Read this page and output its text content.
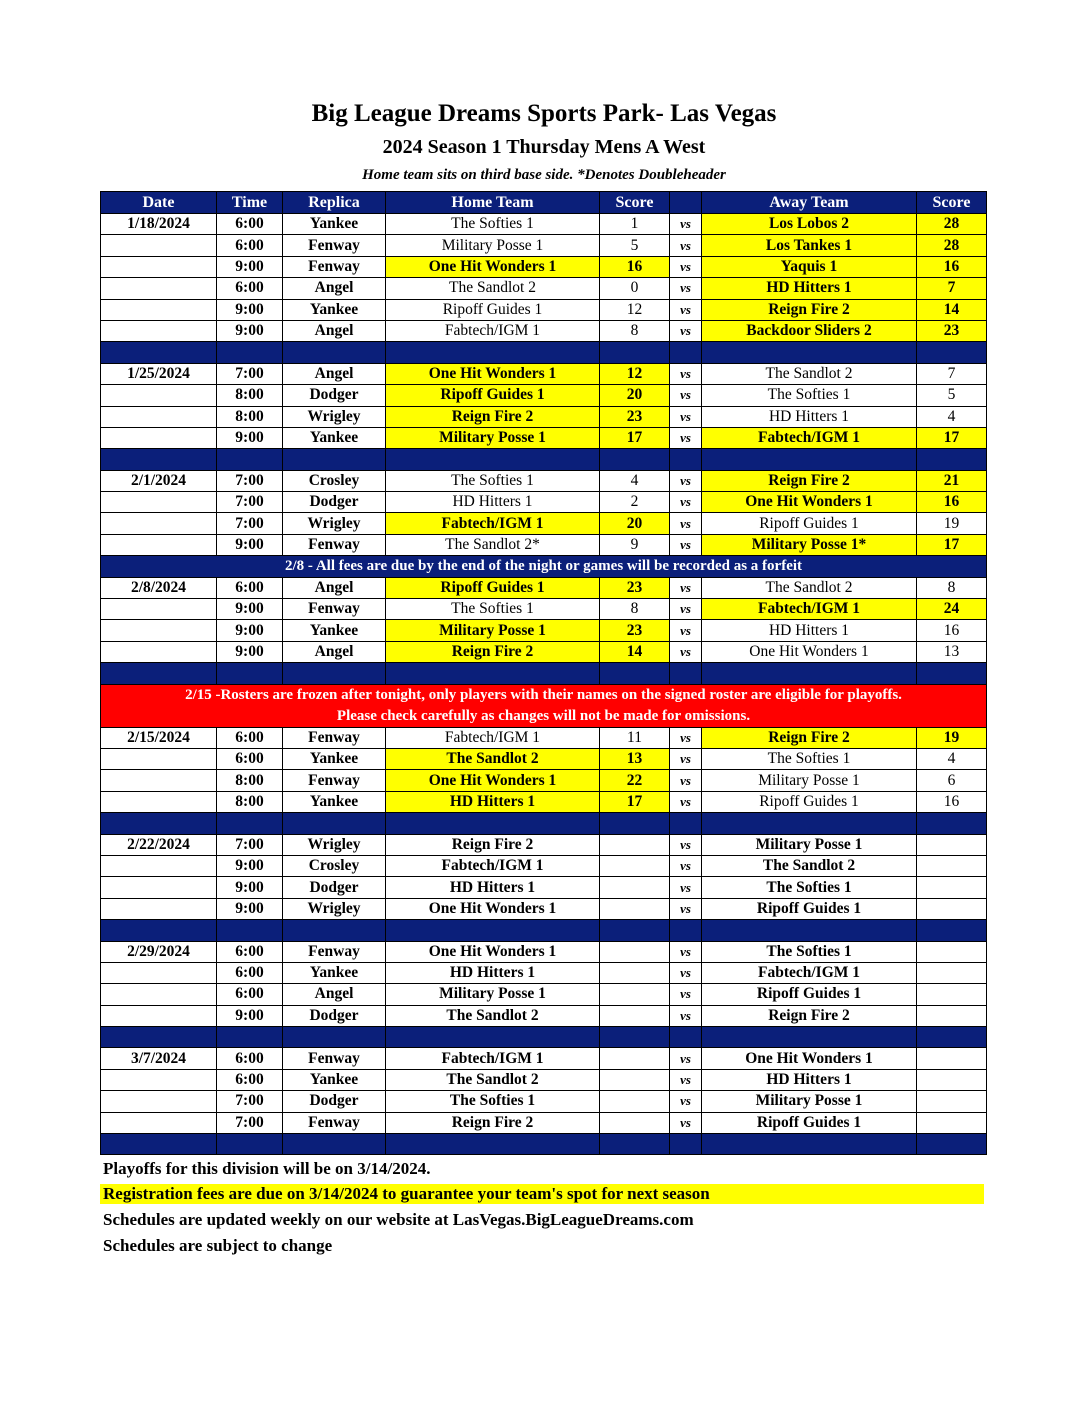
Big League Dreams Sports Park- Las Vegas
2024 Season 1 Thursday Mens A West
Home team sits on third base side. *Denotes Doubleheader
Date	Time	Replica	Home Team	Score		Away Team	Score
1/18/2024	6:00	Yankee	The Softies 1	1	vs	Los Lobos 2	28
	6:00	Fenway	Military Posse 1	5	vs	Los Tankes 1	28
	9:00	Fenway	One Hit Wonders 1	16	vs	Yaquis 1	16
	6:00	Angel	The Sandlot 2	0	vs	HD Hitters 1	7
	9:00	Yankee	Ripoff Guides 1	12	vs	Reign Fire 2	14
	9:00	Angel	Fabtech/IGM 1	8	vs	Backdoor Sliders 2	23

1/25/2024	7:00	Angel	One Hit Wonders 1	12	vs	The Sandlot 2	7
	8:00	Dodger	Ripoff Guides 1	20	vs	The Softies 1	5
	8:00	Wrigley	Reign Fire 2	23	vs	HD Hitters 1	4
	9:00	Yankee	Military Posse 1	17	vs	Fabtech/IGM 1	17

2/1/2024	7:00	Crosley	The Softies 1	4	vs	Reign Fire 2	21
	7:00	Dodger	HD Hitters 1	2	vs	One Hit Wonders 1	16
	7:00	Wrigley	Fabtech/IGM 1	20	vs	Ripoff Guides 1	19
	9:00	Fenway	The Sandlot 2*	9	vs	Military Posse 1*	17
2/8 - All fees are due by the end of the night or games will be recorded as a forfeit							
2/8/2024	6:00	Angel	Ripoff Guides 1	23	vs	The Sandlot 2	8
	9:00	Fenway	The Softies 1	8	vs	Fabtech/IGM 1	24
	9:00	Yankee	Military Posse 1	23	vs	HD Hitters 1	16
	9:00	Angel	Reign Fire 2	14	vs	One Hit Wonders 1	13

2/15 -Rosters are frozen after tonight, only players with their names on the signed roster are eligible for playoffs.
Please check carefully as changes will not be made for omissions.							

2/15/2024	6:00	Fenway	Fabtech/IGM 1	11	vs	Reign Fire 2	19
	6:00	Yankee	The Sandlot 2	13	vs	The Softies 1	4
	8:00	Fenway	One Hit Wonders 1	22	vs	Military Posse 1	6
	8:00	Yankee	HD Hitters 1	17	vs	Ripoff Guides 1	16

2/22/2024	7:00	Wrigley	Reign Fire 2		vs	Military Posse 1	
	9:00	Crosley	Fabtech/IGM 1		vs	The Sandlot 2	
	9:00	Dodger	HD Hitters 1		vs	The Softies 1	
	9:00	Wrigley	One Hit Wonders 1		vs	Ripoff Guides 1	

2/29/2024	6:00	Fenway	One Hit Wonders 1		vs	The Softies 1	
	6:00	Yankee	HD Hitters 1		vs	Fabtech/IGM 1	
	6:00	Angel	Military Posse 1		vs	Ripoff Guides 1	
	9:00	Dodger	The Sandlot 2		vs	Reign Fire 2	

3/7/2024	6:00	Fenway	Fabtech/IGM 1		vs	One Hit Wonders 1	
	6:00	Yankee	The Sandlot 2		vs	HD Hitters 1	
	7:00	Dodger	The Softies 1		vs	Military Posse 1	
	7:00	Fenway	Reign Fire 2		vs	Ripoff Guides 1	

Playoffs for this division will be on 3/14/2024.
Registration fees are due on 3/14/2024 to guarantee your team's spot for next season
Schedules are updated weekly on our website at LasVegas.BigLeagueDreams.com
Schedules are subject to change
